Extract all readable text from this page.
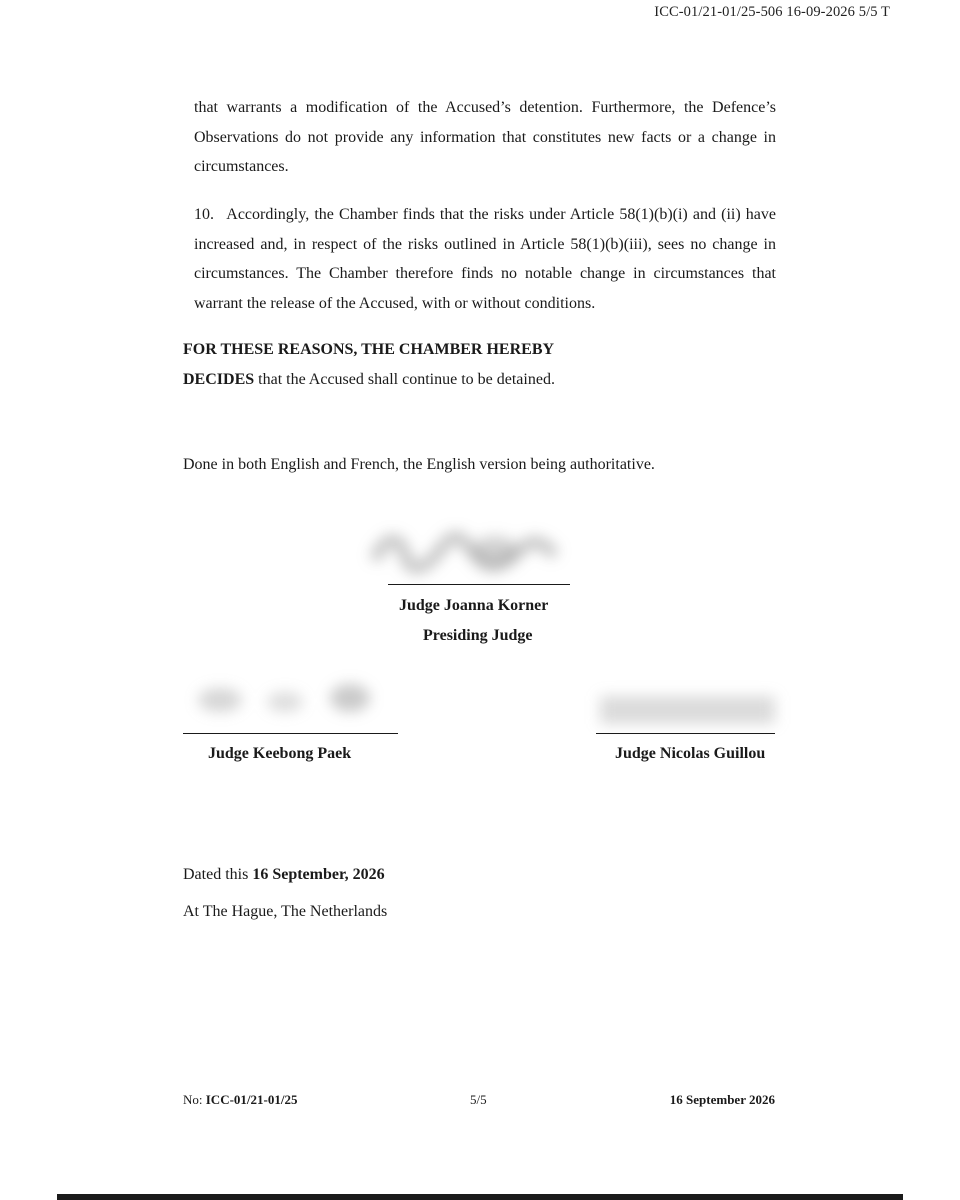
ICC-01/21-01/25-506 16-09-2026 5/5 T

that warrants a modification of the Accused’s detention. Furthermore, the Defence’s Observations do not provide any information that constitutes new facts or a change in circumstances.

10. Accordingly, the Chamber finds that the risks under Article 58(1)(b)(i) and (ii) have increased and, in respect of the risks outlined in Article 58(1)(b)(iii), sees no change in circumstances. The Chamber therefore finds no notable change in circumstances that warrant the release of the Accused, with or without conditions.

FOR THESE REASONS, THE CHAMBER HEREBY
DECIDES that the Accused shall continue to be detained.
Done in both English and French, the English version being authoritative.
Judge Joanna Korner
Presiding Judge
Judge Keebong Paek	Judge Nicolas Guillou
Dated this 16 September, 2026
At The Hague, The Netherlands
No: ICC-01/21-01/25	5/5	16 September 2026
